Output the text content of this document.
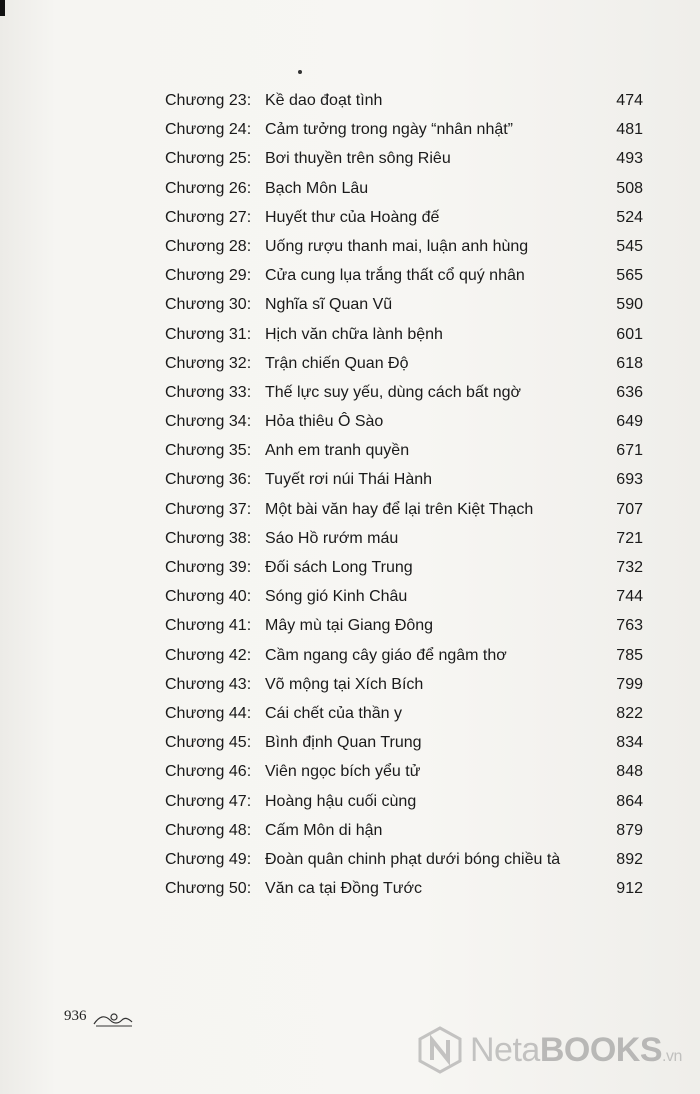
Chương 23: Kề dao đoạt tình	474
Chương 24: Cảm tưởng trong ngày “nhân nhật”	481
Chương 25: Bơi thuyền trên sông Riêu	493
Chương 26: Bạch Môn Lâu	508
Chương 27: Huyết thư của Hoàng đế	524
Chương 28: Uống rượu thanh mai, luận anh hùng	545
Chương 29: Cửa cung lụa trắng thất cổ quý nhân	565
Chương 30: Nghĩa sĩ Quan Vũ	590
Chương 31: Hịch văn chữa lành bệnh	601
Chương 32: Trận chiến Quan Độ	618
Chương 33: Thế lực suy yếu, dùng cách bất ngờ	636
Chương 34: Hỏa thiêu Ô Sào	649
Chương 35: Anh em tranh quyền	671
Chương 36: Tuyết rơi núi Thái Hành	693
Chương 37: Một bài văn hay để lại trên Kiệt Thạch	707
Chương 38: Sáo Hồ rướm máu	721
Chương 39: Đối sách Long Trung	732
Chương 40: Sóng gió Kinh Châu	744
Chương 41: Mây mù tại Giang Đông	763
Chương 42: Cầm ngang cây giáo để ngâm thơ	785
Chương 43: Võ mộng tại Xích Bích	799
Chương 44: Cái chết của thần y	822
Chương 45: Bình định Quan Trung	834
Chương 46: Viên ngọc bích yểu tử	848
Chương 47: Hoàng hậu cuối cùng	864
Chương 48: Cấm Môn di hận	879
Chương 49: Đoàn quân chinh phạt dưới bóng chiều tà	892
Chương 50: Văn ca tại Đồng Tước	912
936
NetaBOOKS.vn
